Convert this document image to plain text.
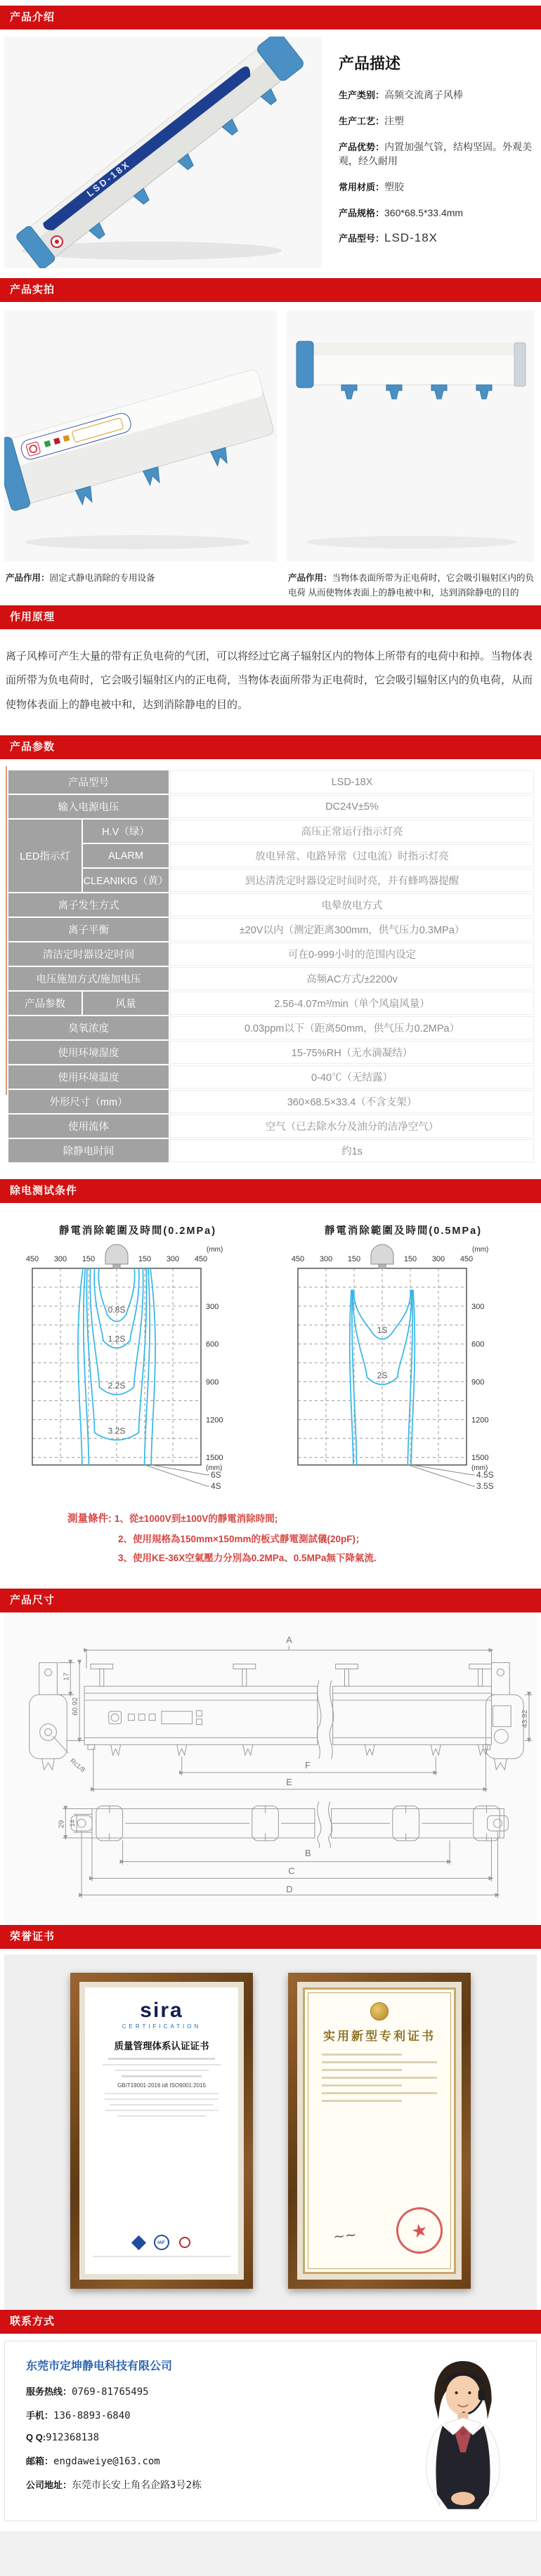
产品介绍
LSD-18X
产品描述
生产类别：高频交流离子风棒
生产工艺：注塑
产品优势：内置加强气管，结构坚固。外观美观，经久耐用
常用材质：塑胶
产品规格：360*68.5*33.4mm
产品型号：LSD-18X
产品实拍
产品作用：固定式静电消除的专用设备	产品作用：当物体表面所带为正电荷时，它会吸引辐射区内的负电荷 从而使物体表面上的静电被中和，达到消除静电的目的
作用原理
离子风棒可产生大量的带有正负电荷的气团，可以将经过它离子辐射区内的物体上所带有的电荷中和掉。当物体表面所带为负电荷时，它会吸引辐射区内的正电荷，当物体表面所带为正电荷时，它会吸引辐射区内的负电荷，从而使物体表面上的静电被中和，达到消除静电的目的。
产品参数
产品型号		LSD-18X
输入电源电压		DC24V±5%
LED指示灯	H.V（绿）	高压正常运行指示灯亮
	ALARM	放电异常、电路异常（过电流）时指示灯亮
	CLEANIKIG（黄）	到达清洗定时器设定时间时亮，并有蜂鸣器提醒
离子发生方式		电晕放电方式
离子平衡		±20V以内（测定距离300mm，供气压力0.3MPa）
清洁定时器设定时间		可在0-999小时的范围内设定
电压施加方式/施加电压		高频AC方式/±2200v
产品参数	风量	2.56-4.07m³/min（单个风扇风量）
臭氧浓度		0.03ppm以下（距离50mm，供气压力0.2MPa）
使用环境湿度		15-75%RH（无水滴凝结）
使用环境温度		0-40℃（无结露）
外形尺寸（mm）		360×68.5×33.4（不含支架）
使用流体		空气（已去除水分及油分的洁净空气）
除静电时间		约1s
除电测试条件
靜電消除範圍及時間(0.2MPa)
450 300 150	150 300 450
(mm)
300
600
900
1200
1500
(mm)
0.8S
1.2S
2.2S
3.2S
6S
4S
靜電消除範圍及時間(0.5MPa)
450 300 150	150 300 450
(mm)
300
600
900
1200
1500
(mm)
1S
2S
4.5S
3.5S
測量條件: 1、從±1000V到±100V的靜電消除時間;
2、使用規格為150mm×150mm的板式靜電測試儀(20pF)；
3、使用KE-36X空氣壓力分別為0.2MPa、0.5MPa無下降氣流.
产品尺寸
A
B
C
D
E
F
17
60.92
43.92
29 14
Rc1/8
荣誉证书
sira
CERTIFICATION
质量管理体系认证证书
GB/T19001-2016 idt ISO9001:2015
IAF
实用新型专利证书
~~	★
联系方式
东莞市定坤静电科技有限公司
服务热线：0769-81765495
手机：136-8893-6840
Q Q:912368138
邮箱：engdaweiye@163.com
公司地址：东莞市长安上角名企路3号2栋
